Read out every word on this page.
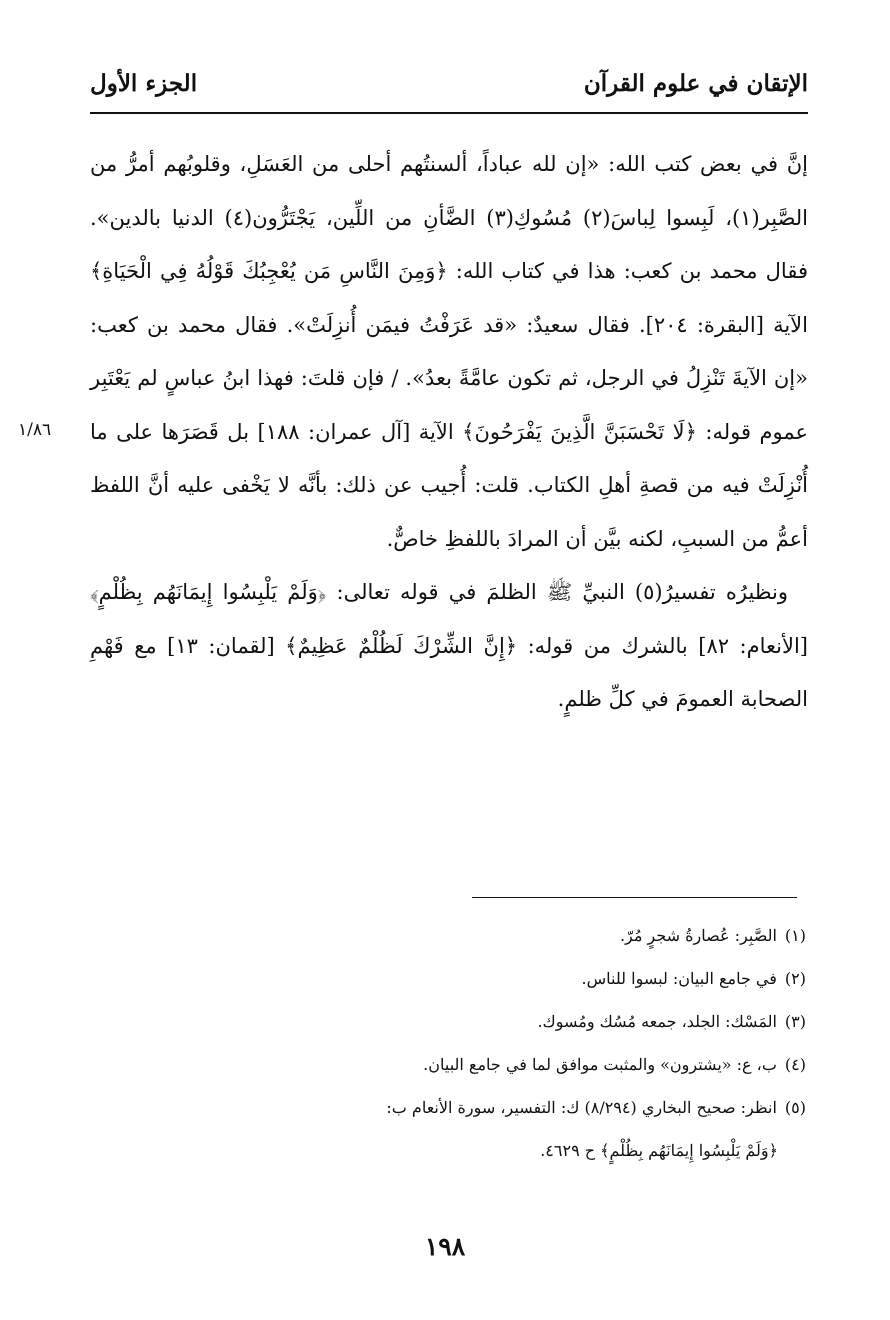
الإتقان في علوم القرآن
الجزء الأول

إنَّ في بعض كتب الله: «إن لله عباداً، ألسنتُهم أحلى من العَسَلِ، وقلوبُهم أمرُّ من الصَّبِر(١)، لَبِسوا لِباسَ(٢) مُسُوكِ(٣) الضَّأنِ من اللِّين، يَجْتَرُّون(٤) الدنيا بالدين». فقال محمد بن كعب: هذا في كتاب الله: ﴿وَمِنَ النَّاسِ مَن يُعْجِبُكَ قَوْلُهُ فِي الْحَيَاةِ﴾ الآية [البقرة: ٢٠٤]. فقال سعيدٌ: «قد عَرَفْتُ فيمَن أُنزِلَتْ». فقال محمد بن كعب: «إن الآيةَ تَنْزِلُ في الرجل، ثم تكون عامَّةً بعدُ». / فإن قلتَ: فهذا ابنُ عباسٍ لم يَعْتَبِر عموم قوله: ﴿لَا تَحْسَبَنَّ الَّذِينَ يَفْرَحُونَ﴾ الآية [آل عمران: ١٨٨] بل قَصَرَها على ما أُنْزِلَتْ فيه من قصةِ أهلِ الكتاب. قلت: أُجيب عن ذلك: بأنَّه لا يَخْفى عليه أنَّ اللفظ أعمُّ من السببِ، لكنه بيَّن أن المرادَ باللفظِ خاصٌّ.

ونظيرُه تفسيرُ(٥) النبيِّ ﷺ الظلمَ في قوله تعالى: ﴿وَلَمْ يَلْبِسُوا إِيمَانَهُم بِظُلْمٍ﴾ [الأنعام: ٨٢] بالشرك من قوله: ﴿إِنَّ الشِّرْكَ لَظُلْمٌ عَظِيمٌ﴾ [لقمان: ١٣] مع فَهْمِ الصحابة العمومَ في كلِّ ظلمٍ.

١/٨٦
(١)
الصَّبِر: عُصارةُ شجرٍ مُرّ.
(٢)
في جامع البيان: لبسوا للناس.
(٣)
المَسْك: الجلد، جمعه مُسُك ومُسوك.
(٤)
ب، ع: «يشترون» والمثبت موافق لما في جامع البيان.
(٥)
انظر: صحيح البخاري (٨/٢٩٤) ك: التفسير، سورة الأنعام ب:
﴿وَلَمْ يَلْبِسُوا إِيمَانَهُم بِظُلْمٍ﴾ ح ٤٦٢٩.
١٩٨
